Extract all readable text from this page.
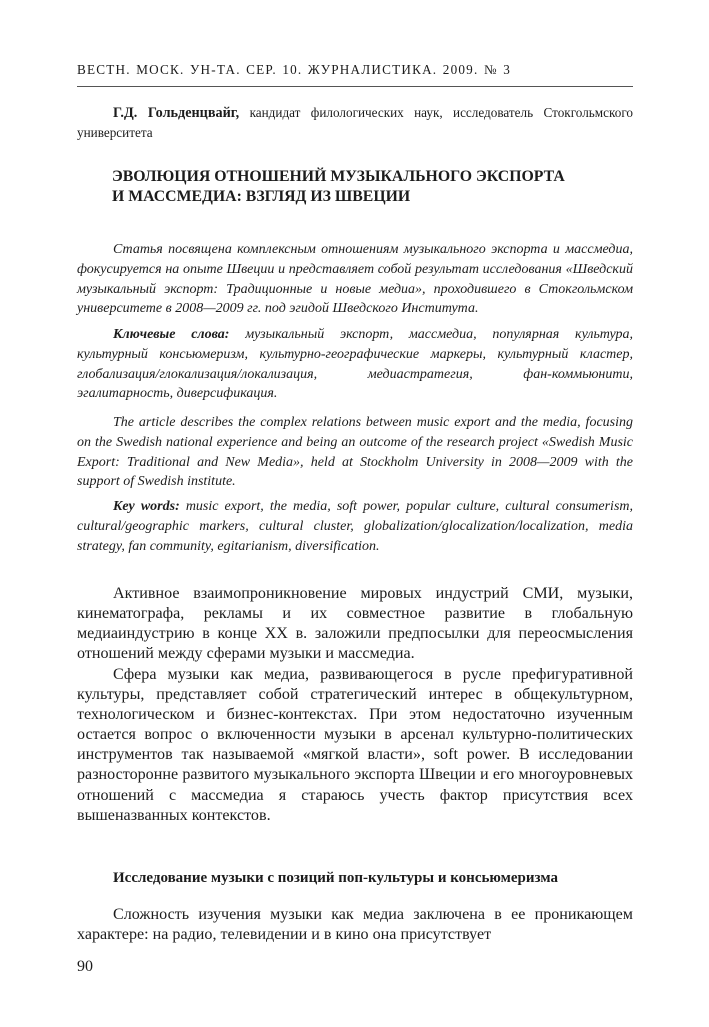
ВЕСТН. МОСК. УН-ТА. СЕР. 10. ЖУРНАЛИСТИКА. 2009. № 3

Г.Д. Гольденцвайг, кандидат филологических наук, исследователь Стокгольмского университета

ЭВОЛЮЦИЯ ОТНОШЕНИЙ МУЗЫКАЛЬНОГО ЭКСПОРТА
И МАССМЕДИА: ВЗГЛЯД ИЗ ШВЕЦИИ

Статья посвящена комплексным отношениям музыкального экспорта и массмедиа, фокусируется на опыте Швеции и представляет собой результат исследования «Шведский музыкальный экспорт: Традиционные и новые медиа», проходившего в Стокгольмском университете в 2008—2009 гг. под эгидой Шведского Института.

Ключевые слова: музыкальный экспорт, массмедиа, популярная культура, культурный консьюмеризм, культурно-географические маркеры, культурный кластер, глобализация/глокализация/локализация, медиастратегия, фан-коммьюнити, эгалитарность, диверсификация.

The article describes the complex relations between music export and the media, focusing on the Swedish national experience and being an outcome of the research project «Swedish Music Export: Traditional and New Media», held at Stockholm University in 2008—2009 with the support of Swedish institute.

Key words: music export, the media, soft power, popular culture, cultural consumerism, cultural/geographic markers, cultural cluster, globalization/glocalization/localization, media strategy, fan community, egitarianism, diversification.

Активное взаимопроникновение мировых индустрий СМИ, музыки, кинематографа, рекламы и их совместное развитие в глобальную медиаиндустрию в конце XX в. заложили предпосылки для переосмысления отношений между сферами музыки и массмедиа.

Сфера музыки как медиа, развивающегося в русле префигуративной культуры, представляет собой стратегический интерес в общекультурном, технологическом и бизнес-контекстах. При этом недостаточно изученным остается вопрос о включенности музыки в арсенал культурно-политических инструментов так называемой «мягкой власти», soft power. В исследовании разносторонне развитого музыкального экспорта Швеции и его многоуровневых отношений с массмедиа я стараюсь учесть фактор присутствия всех вышеназванных контекстов.

Исследование музыки с позиций поп-культуры и консьюмеризма

Сложность изучения музыки как медиа заключена в ее проникающем характере: на радио, телевидении и в кино она присутствует

90
